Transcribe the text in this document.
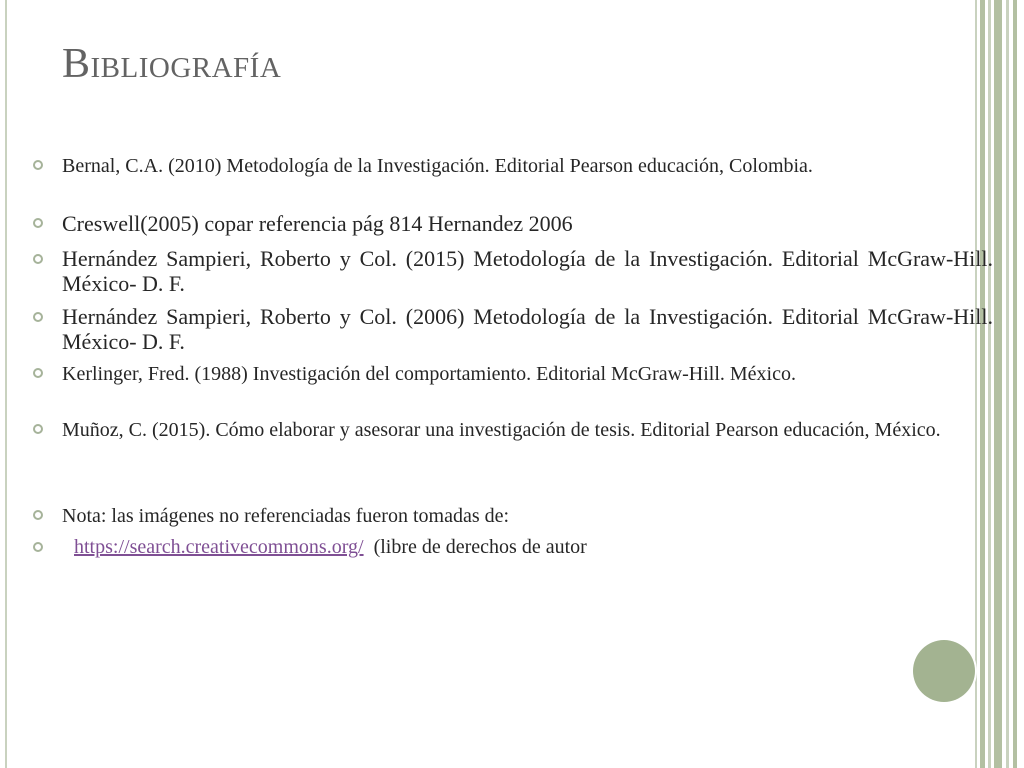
Bibliografía

Bernal, C.A. (2010) Metodología de la Investigación. Editorial Pearson educación, Colombia.

Creswell(2005) copar referencia pág 814 Hernandez 2006

Hernández Sampieri, Roberto y Col. (2015) Metodología de la Investigación. Editorial McGraw-Hill. México- D. F.

Hernández Sampieri, Roberto y Col. (2006) Metodología de la Investigación. Editorial McGraw-Hill. México- D. F.

Kerlinger, Fred. (1988) Investigación del comportamiento. Editorial McGraw-Hill. México.

Muñoz, C. (2015). Cómo elaborar y asesorar una investigación de tesis. Editorial Pearson educación, México.

Nota: las imágenes no referenciadas fueron tomadas de:

https://search.creativecommons.org/ (libre de derechos de autor
